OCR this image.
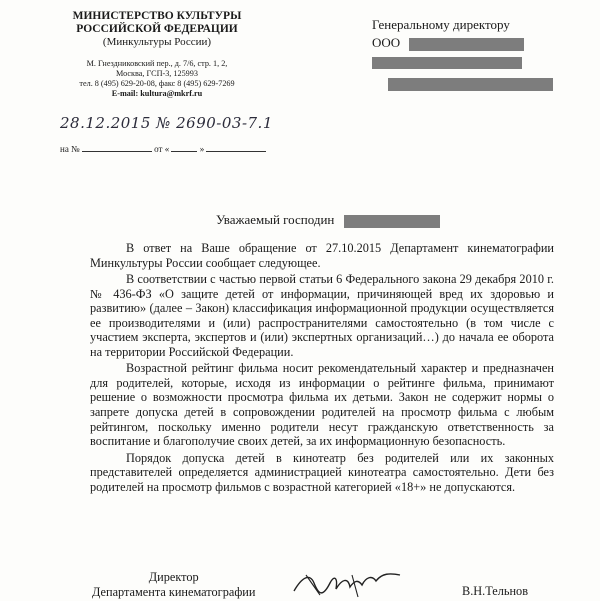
МИНИСТЕРСТВО КУЛЬТУРЫ

РОССИЙСКОЙ ФЕДЕРАЦИИ

(Минкультуры России)
М. Гнездниковский пер., д. 7/6, стр. 1, 2,
Москва, ГСП-3, 125993
тел. 8 (495) 629-20-08, факс 8 (495) 629-7269
E-mail: kultura@mkrf.ru
28.12.2015 № 2690-03-7.1
на №	от «	»
Генеральному директору
ООО
Уважаемый господин

В ответ на Ваше обращение от 27.10.2015 Департамент кинематографии Минкультуры России сообщает следующее.

В соответствии с частью первой статьи 6 Федерального закона 29 декабря 2010 г. № 436-ФЗ «О защите детей от информации, причиняющей вред их здоровью и развитию» (далее – Закон) классификация информационной продукции осуществляется ее производителями и (или) распространителями самостоятельно (в том числе с участием эксперта, экспертов и (или) экспертных организаций…) до начала ее оборота на территории Российской Федерации.

Возрастной рейтинг фильма носит рекомендательный характер и предназначен для родителей, которые, исходя из информации о рейтинге фильма, принимают решение о возможности просмотра фильма их детьми. Закон не содержит нормы о запрете допуска детей в сопровождении родителей на просмотр фильма с любым рейтингом, поскольку именно родители несут гражданскую ответственность за воспитание и благополучие своих детей, за их информационную безопасность.

Порядок допуска детей в кинотеатр без родителей или их законных представителей определяется администрацией кинотеатра самостоятельно. Дети без родителей на просмотр фильмов с возрастной категорией «18+» не допускаются.

Директор
Департамента кинематографии	В.Н.Тельнов
